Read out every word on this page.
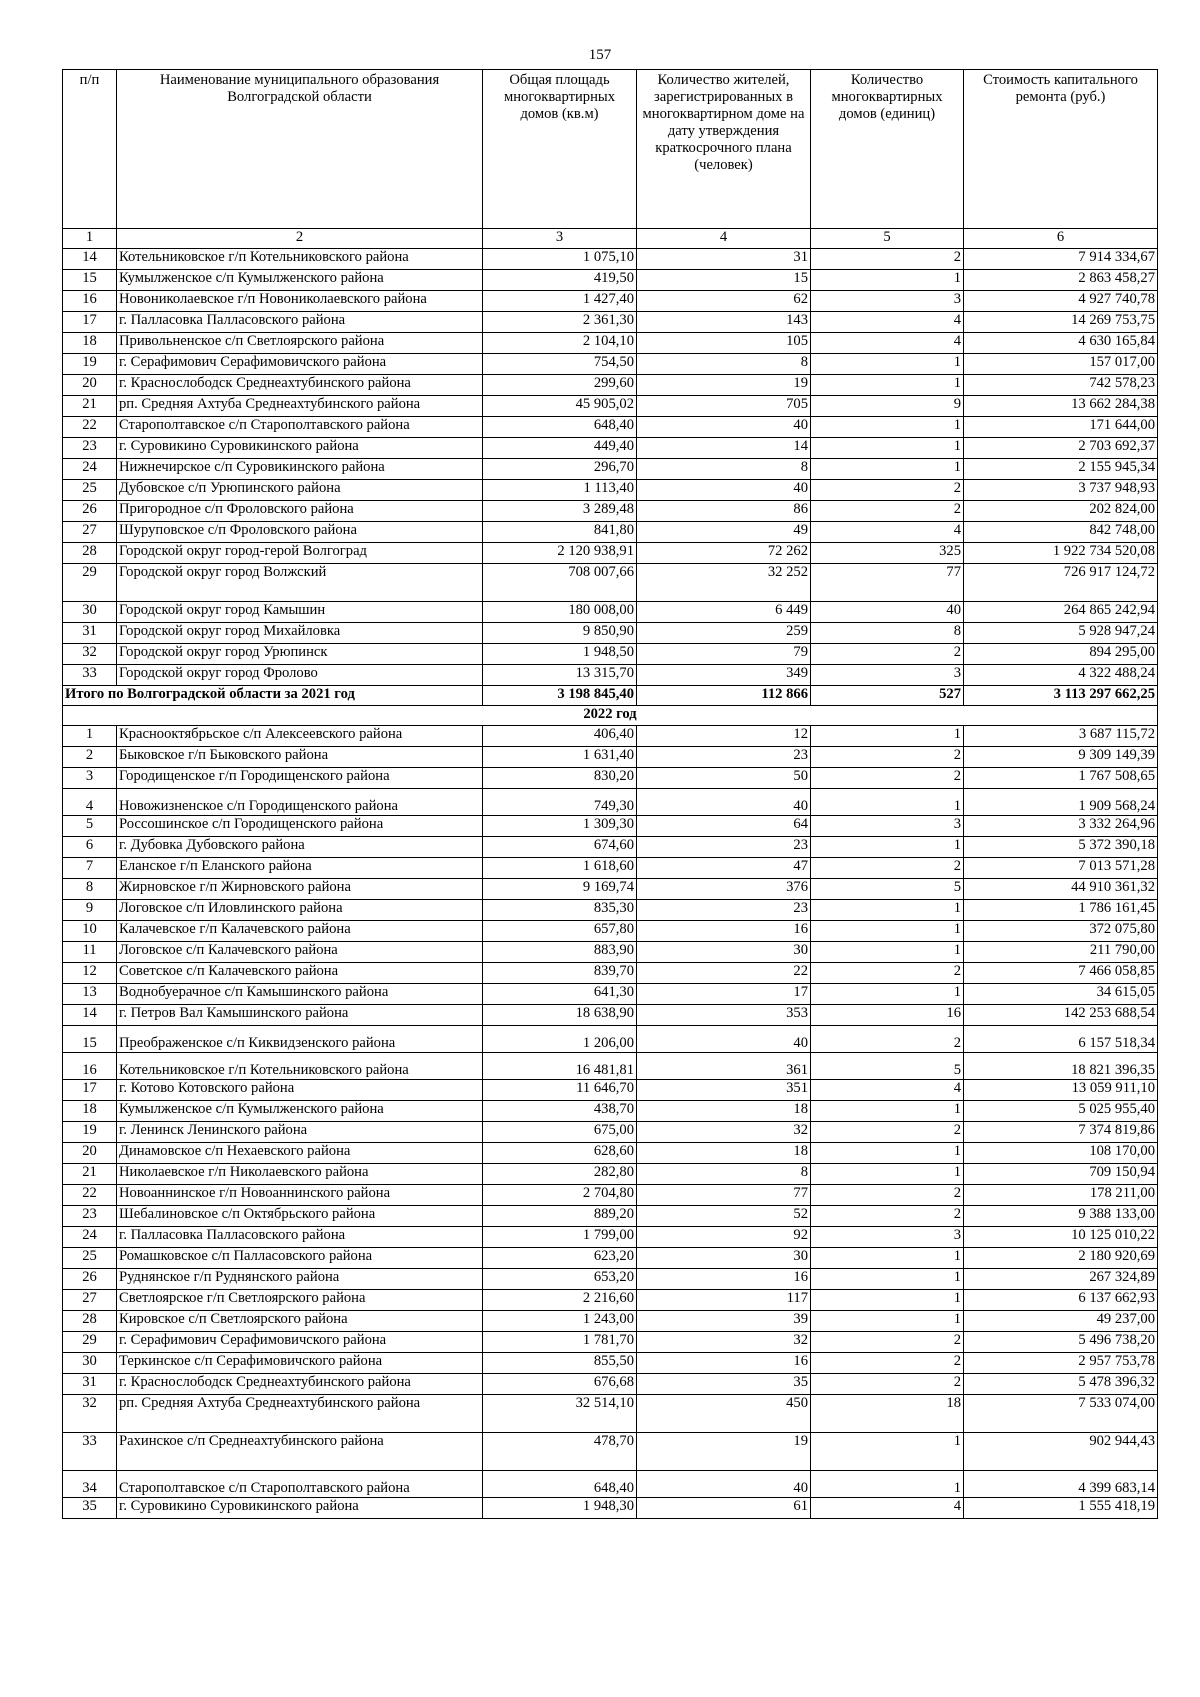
157
п/п	Наименование муниципального образования Волгоградской области	Общая площадь многоквартирных домов (кв.м)	Количество жителей, зарегистрированных в многоквартирном доме на дату утверждения краткосрочного плана (человек)	Количество многоквартирных домов (единиц)	Стоимость капитального ремонта (руб.)
1	2	3	4	5	6
14	Котельниковское г/п Котельниковского района	1 075,10	31	2	7 914 334,67
15	Кумылженское с/п Кумылженского района	419,50	15	1	2 863 458,27
16	Новониколаевское г/п Новониколаевского района	1 427,40	62	3	4 927 740,78
17	г. Палласовка Палласовского района	2 361,30	143	4	14 269 753,75
18	Привольненское с/п Светлоярского района	2 104,10	105	4	4 630 165,84
19	г. Серафимович Серафимовичского района	754,50	8	1	157 017,00
20	г. Краснослободск Среднеахтубинского района	299,60	19	1	742 578,23
21	рп. Средняя Ахтуба Среднеахтубинского района	45 905,02	705	9	13 662 284,38
22	Старополтавское с/п Старополтавского района	648,40	40	1	171 644,00
23	г. Суровикино Суровикинского района	449,40	14	1	2 703 692,37
24	Нижнечирское с/п Суровикинского района	296,70	8	1	2 155 945,34
25	Дубовское с/п Урюпинского района	1 113,40	40	2	3 737 948,93
26	Пригородное с/п Фроловского района	3 289,48	86	2	202 824,00
27	Шуруповское с/п Фроловского района	841,80	49	4	842 748,00
28	Городской округ город-герой Волгоград	2 120 938,91	72 262	325	1 922 734 520,08
29	Городской округ город Волжский	708 007,66	32 252	77	726 917 124,72
30	Городской округ город Камышин	180 008,00	6 449	40	264 865 242,94
31	Городской округ город Михайловка	9 850,90	259	8	5 928 947,24
32	Городской округ город Урюпинск	1 948,50	79	2	894 295,00
33	Городской округ город Фролово	13 315,70	349	3	4 322 488,24
Итого по Волгоградской области за 2021 год		3 198 845,40	112 866	527	3 113 297 662,25
2022 год					
1	Краснооктябрьское с/п Алексеевского района	406,40	12	1	3 687 115,72
2	Быковское г/п Быковского района	1 631,40	23	2	9 309 149,39
3	Городищенское г/п Городищенского района	830,20	50	2	1 767 508,65
4	Новожизненское с/п Городищенского района	749,30	40	1	1 909 568,24
5	Россошинское с/п Городищенского района	1 309,30	64	3	3 332 264,96
6	г. Дубовка Дубовского района	674,60	23	1	5 372 390,18
7	Еланское г/п Еланского района	1 618,60	47	2	7 013 571,28
8	Жирновское г/п Жирновского района	9 169,74	376	5	44 910 361,32
9	Логовское с/п Иловлинского района	835,30	23	1	1 786 161,45
10	Калачевское г/п Калачевского района	657,80	16	1	372 075,80
11	Логовское с/п Калачевского района	883,90	30	1	211 790,00
12	Советское с/п Калачевского района	839,70	22	2	7 466 058,85
13	Воднобуерачное с/п Камышинского района	641,30	17	1	34 615,05
14	г. Петров Вал Камышинского района	18 638,90	353	16	142 253 688,54
15	Преображенское с/п Киквидзенского района	1 206,00	40	2	6 157 518,34
16	Котельниковское г/п Котельниковского района	16 481,81	361	5	18 821 396,35
17	г. Котово Котовского района	11 646,70	351	4	13 059 911,10
18	Кумылженское с/п Кумылженского района	438,70	18	1	5 025 955,40
19	г. Ленинск Ленинского района	675,00	32	2	7 374 819,86
20	Динамовское с/п Нехаевского района	628,60	18	1	108 170,00
21	Николаевское г/п Николаевского района	282,80	8	1	709 150,94
22	Новоаннинское г/п Новоаннинского района	2 704,80	77	2	178 211,00
23	Шебалиновское с/п Октябрьского района	889,20	52	2	9 388 133,00
24	г. Палласовка Палласовского района	1 799,00	92	3	10 125 010,22
25	Ромашковское с/п Палласовского района	623,20	30	1	2 180 920,69
26	Руднянское г/п Руднянского района	653,20	16	1	267 324,89
27	Светлоярское г/п Светлоярского района	2 216,60	117	1	6 137 662,93
28	Кировское с/п Светлоярского района	1 243,00	39	1	49 237,00
29	г. Серафимович Серафимовичского района	1 781,70	32	2	5 496 738,20
30	Теркинское с/п Серафимовичского района	855,50	16	2	2 957 753,78
31	г. Краснослободск Среднеахтубинского района	676,68	35	2	5 478 396,32
32	рп. Средняя Ахтуба Среднеахтубинского района	32 514,10	450	18	7 533 074,00
33	Рахинское с/п Среднеахтубинского района	478,70	19	1	902 944,43
34	Старополтавское с/п Старополтавского района	648,40	40	1	4 399 683,14
35	г. Суровикино Суровикинского района	1 948,30	61	4	1 555 418,19
